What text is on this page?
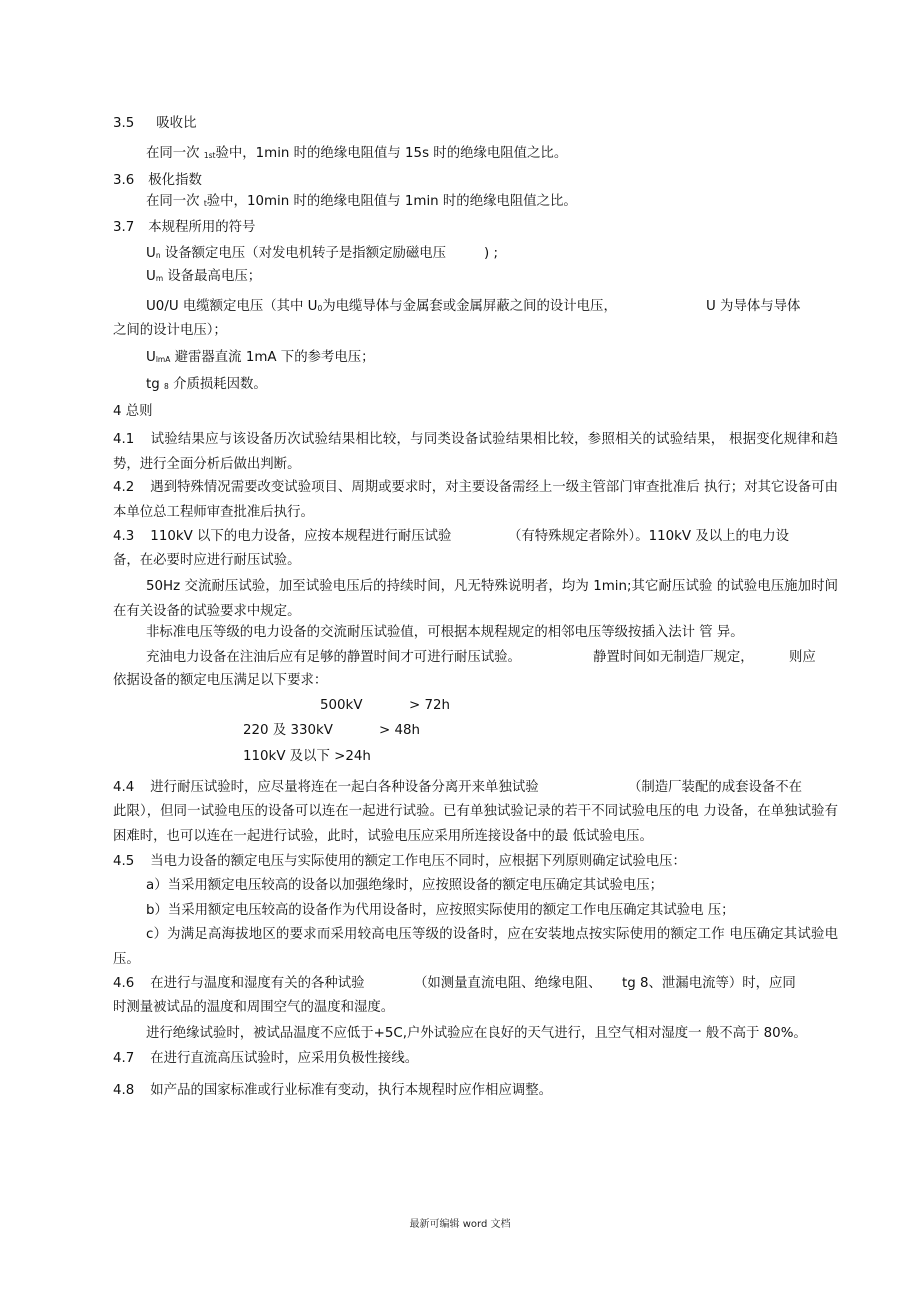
3.5 吸收比
在同一次 1st验中，1min 时的绝缘电阻值与 15s 时的绝缘电阻值之比。
3.6 极化指数
在同一次 t验中，10min 时的绝缘电阻值与 1min 时的绝缘电阻值之比。
3.7 本规程所用的符号
Un 设备额定电压（对发电机转子是指额定励磁电压	) ;
Um 设备最高电压；
U0/U 电缆额定电压（其中 U0为电缆导体与金属套或金属屏蔽之间的设计电压，	U 为导体与导体
之间的设计电压）；
UlmA 避雷器直流 1mA 下的参考电压；
tg 8 介质损耗因数。
4 总则
4.1 试验结果应与该设备历次试验结果相比较，与同类设备试验结果相比较，参照相关的试验结果， 根据变化规律和趋势，进行全面分析后做出判断。
4.2 遇到特殊情况需要改变试验项目、周期或要求时，对主要设备需经上一级主管部门审查批准后 执行；对其它设备可由本单位总工程师审查批准后执行。
4.3 110kV 以下的电力设备，应按本规程进行耐压试验	（有特殊规定者除外）。110kV 及以上的电力设
备，在必要时应进行耐压试验。
50Hz 交流耐压试验，加至试验电压后的持续时间，凡无特殊说明者，均为 1min;其它耐压试验 的试验电压施加时间在有关设备的试验要求中规定。
非标准电压等级的电力设备的交流耐压试验值，可根据本规程规定的相邻电压等级按插入法计 管 异。
充油电力设备在注油后应有足够的静置时间才可进行耐压试验。	静置时间如无制造厂规定，	则应
依据设备的额定电压满足以下要求：
500kV	> 72h
220 及 330kV	> 48h
110kV 及以下 >24h
4.4 进行耐压试验时，应尽量将连在一起白各种设备分离开来单独试验	（制造厂装配的成套设备不在
此限），但同一试验电压的设备可以连在一起进行试验。已有单独试验记录的若干不同试验电压的电 力设备，在单独试验有困难时，也可以连在一起进行试验，此时，试验电压应采用所连接设备中的最 低试验电压。
4.5 当电力设备的额定电压与实际使用的额定工作电压不同时，应根据下列原则确定试验电压：
a）当采用额定电压较高的设备以加强绝缘时，应按照设备的额定电压确定其试验电压；
b）当采用额定电压较高的设备作为代用设备时，应按照实际使用的额定工作电压确定其试验电 压；
c）为满足高海拔地区的要求而采用较高电压等级的设备时，应在安装地点按实际使用的额定工作 电压确定其试验电压。
4.6 在进行与温度和湿度有关的各种试验	（如测量直流电阻、绝缘电阻、 tg 8、泄漏电流等）时，应同
时测量被试品的温度和周围空气的温度和湿度。
进行绝缘试验时，被试品温度不应低于+5C,户外试验应在良好的天气进行，且空气相对湿度一 般不高于 80%。
4.7 在进行直流高压试验时，应采用负极性接线。
4.8 如产品的国家标准或行业标准有变动，执行本规程时应作相应调整。
最新可编辑 word 文档
